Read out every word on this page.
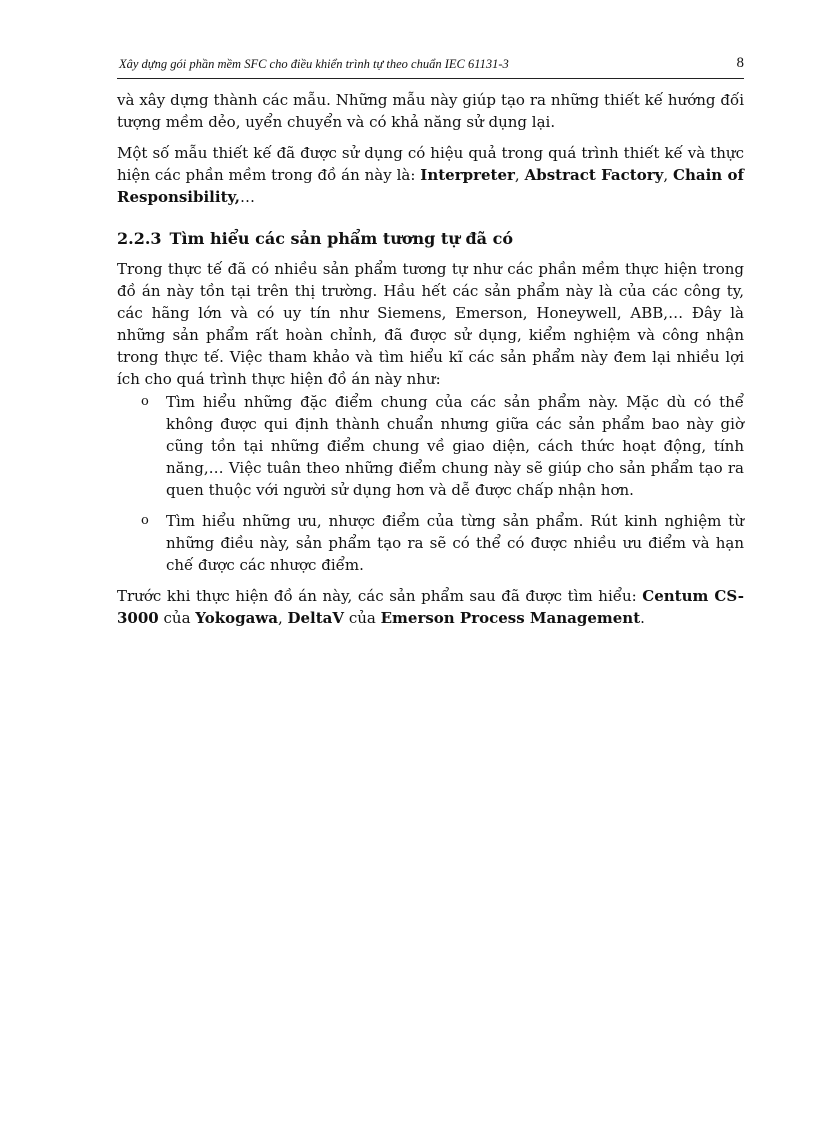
Xây dựng gói phần mềm SFC cho điều khiển trình tự theo chuẩn IEC 61131-3	8

và xây dựng thành các mẫu. Những mẫu này giúp tạo ra những thiết kế hướng đối tượng mềm dẻo, uyển chuyển và có khả năng sử dụng lại.

Một số mẫu thiết kế đã được sử dụng có hiệu quả trong quá trình thiết kế và thực hiện các phần mềm trong đồ án này là: Interpreter, Abstract Factory, Chain of Responsibility,…

2.2.3 Tìm hiểu các sản phẩm tương tự đã có

Trong thực tế đã có nhiều sản phẩm tương tự như các phần mềm thực hiện trong đồ án này tồn tại trên thị trường. Hầu hết các sản phẩm này là của các công ty, các hãng lớn và có uy tín như Siemens, Emerson, Honeywell, ABB,… Đây là những sản phẩm rất hoàn chỉnh, đã được sử dụng, kiểm nghiệm và công nhận trong thực tế. Việc tham khảo và tìm hiểu kĩ các sản phẩm này đem lại nhiều lợi ích cho quá trình thực hiện đồ án này như:

o Tìm hiểu những đặc điểm chung của các sản phẩm này. Mặc dù có thể không được qui định thành chuẩn nhưng giữa các sản phẩm bao này giờ cũng tồn tại những điểm chung về giao diện, cách thức hoạt động, tính năng,… Việc tuân theo những điểm chung này sẽ giúp cho sản phẩm tạo ra quen thuộc với người sử dụng hơn và dễ được chấp nhận hơn.
o Tìm hiểu những ưu, nhược điểm của từng sản phẩm. Rút kinh nghiệm từ những điều này, sản phẩm tạo ra sẽ có thể có được nhiều ưu điểm và hạn chế được các nhược điểm.

Trước khi thực hiện đồ án này, các sản phẩm sau đã được tìm hiểu: Centum CS-3000 của Yokogawa, DeltaV của Emerson Process Management.
